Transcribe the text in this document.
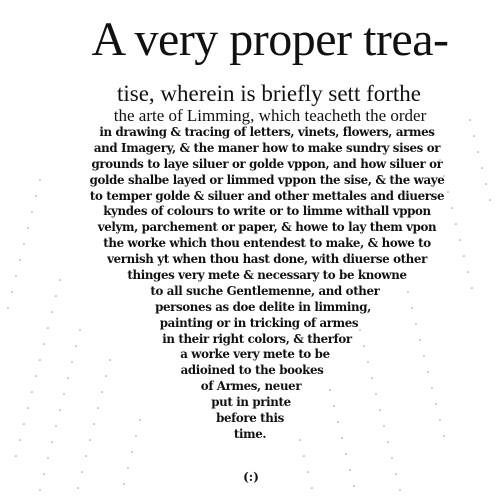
A very proper trea-
tise, wherein is briefly sett forthe
the arte of Limming, which teacheth the order
in drawing & tracing of letters, vinets, flowers, armes
and Imagery, & the maner how to make sundry sises or
grounds to laye siluer or golde vppon, and how siluer or
golde shalbe layed or limmed vppon the sise, & the waye
to temper golde & siluer and other mettales and diuerse
kyndes of colours to write or to limme withall vppon
velym, parchement or paper, & howe to lay them vpon
the worke which thou entendest to make, & howe to
vernish yt when thou hast done, with diuerse other
thinges very mete & necessary to be knowne
to all suche Gentlemenne, and other
persones as doe delite in limming,
painting or in tricking of armes
in their right colors, & therfor
a worke very mete to be
adioined to the bookes
of Armes, neuer
put in printe
before this
time.
(:)
